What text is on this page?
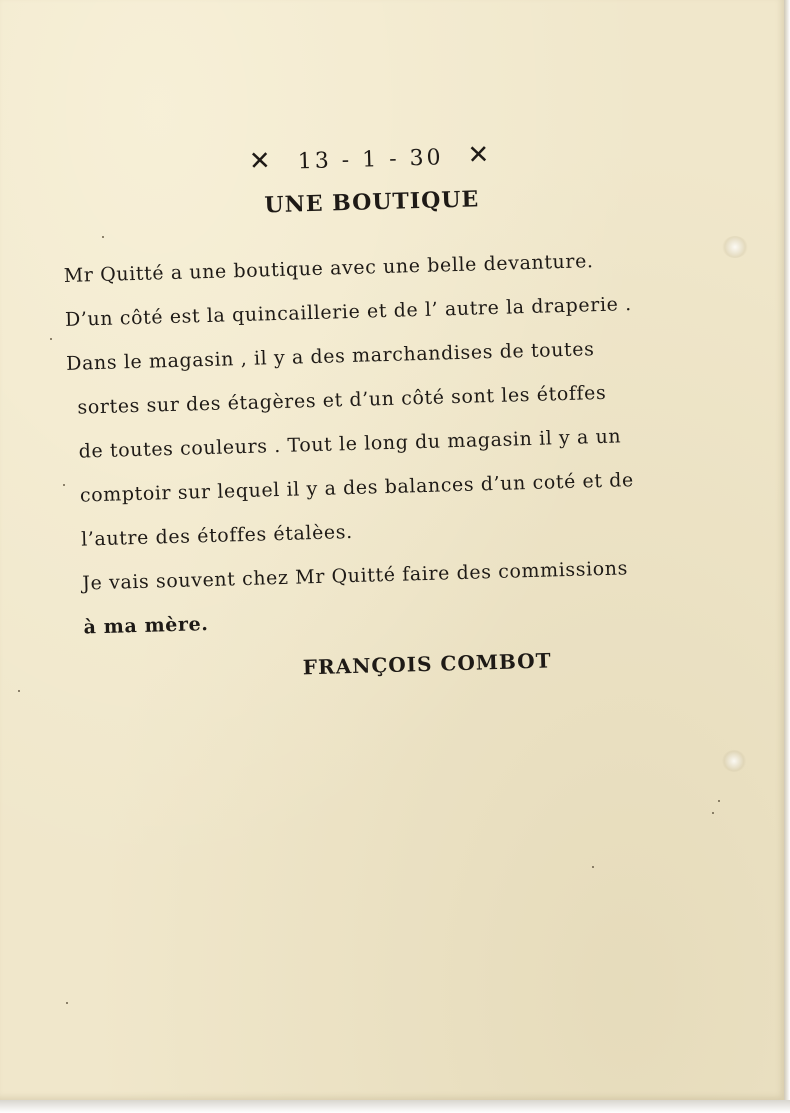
✕ 13 - 1 - 30 ✕
UNE BOUTIQUE
Mr Quitté a une boutique avec une belle devanture.
D’un côté est la quincaillerie et de l’ autre la draperie .
Dans le magasin , il y a des marchandises de toutes
sortes sur des étagères et d’un côté sont les étoffes
de toutes couleurs . Tout le long du magasin il y a un
comptoir sur lequel il y a des balances d’un coté et de
l’autre des étoffes étalèes.
Je vais souvent chez Mr Quitté faire des commissions
à ma mère.
FRANÇOIS COMBOT
